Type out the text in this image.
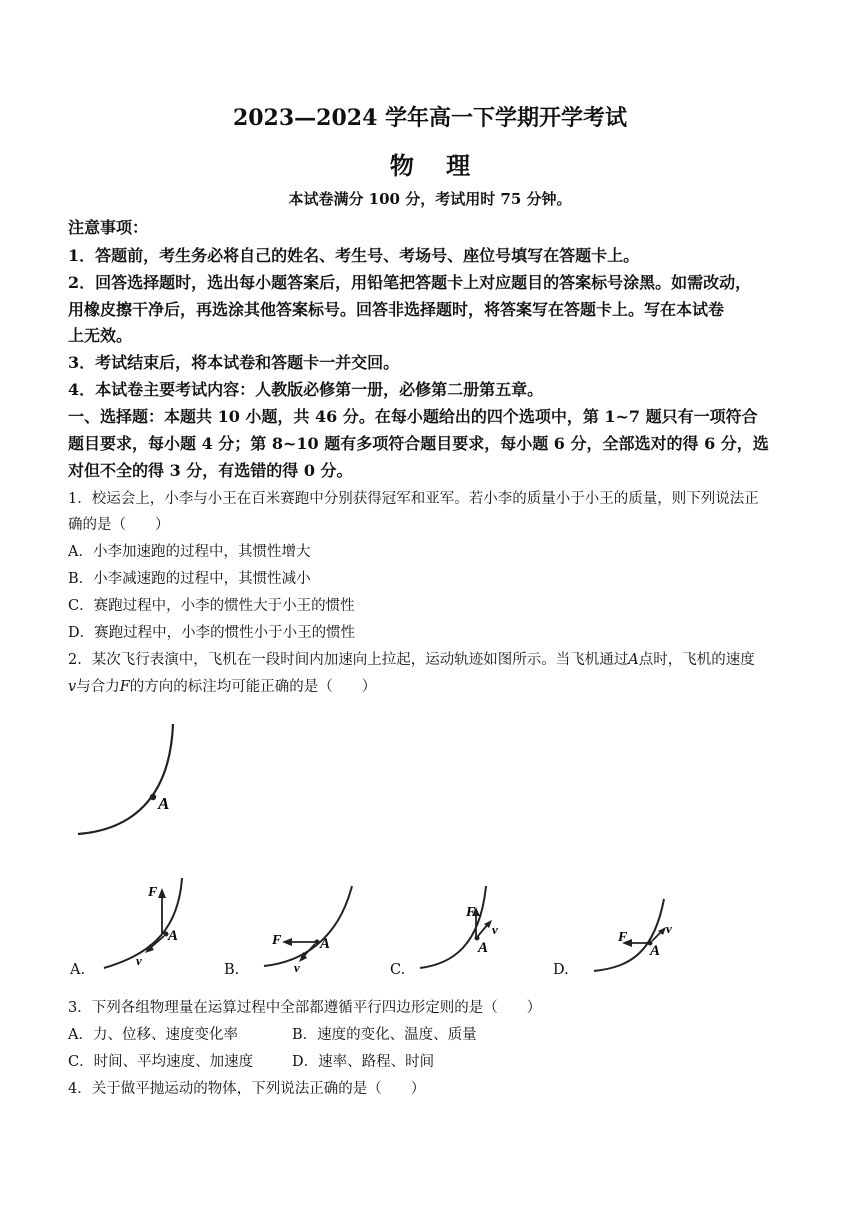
2023—2024 学年高一下学期开学考试
物 理
本试卷满分 100 分，考试用时 75 分钟。
注意事项：
1．答题前，考生务必将自己的姓名、考生号、考场号、座位号填写在答题卡上。
2．回答选择题时，选出每小题答案后，用铅笔把答题卡上对应题目的答案标号涂黑。如需改动，
用橡皮擦干净后，再选涂其他答案标号。回答非选择题时，将答案写在答题卡上。写在本试卷
上无效。
3．考试结束后，将本试卷和答题卡一并交回。
4．本试卷主要考试内容：人教版必修第一册，必修第二册第五章。
一、选择题：本题共 10 小题，共 46 分。在每小题给出的四个选项中，第 1~7 题只有一项符合
题目要求，每小题 4 分；第 8~10 题有多项符合题目要求，每小题 6 分，全部选对的得 6 分，选
对但不全的得 3 分，有选错的得 0 分。
1．校运会上，小李与小王在百米赛跑中分别获得冠军和亚军。若小李的质量小于小王的质量，则下列说法正
确的是（　　）
A．小李加速跑的过程中，其惯性增大
B．小李减速跑的过程中，其惯性减小
C．赛跑过程中，小李的惯性大于小王的惯性
D．赛跑过程中，小李的惯性小于小王的惯性
2．某次飞行表演中，飞机在一段时间内加速向上拉起，运动轨迹如图所示。当飞机通过A点时，飞机的速度
v与合力F的方向的标注均可能正确的是（　　）
A
F
v
A
A.
F
v
A
B.
F
v
A
C.
F
v
A
D.
3．下列各组物理量在运算过程中全部都遵循平行四边形定则的是（　　）
A．力、位移、速度变化率	B．速度的变化、温度、质量
C．时间、平均速度、加速度	D．速率、路程、时间
4．关于做平抛运动的物体，下列说法正确的是（　　）
